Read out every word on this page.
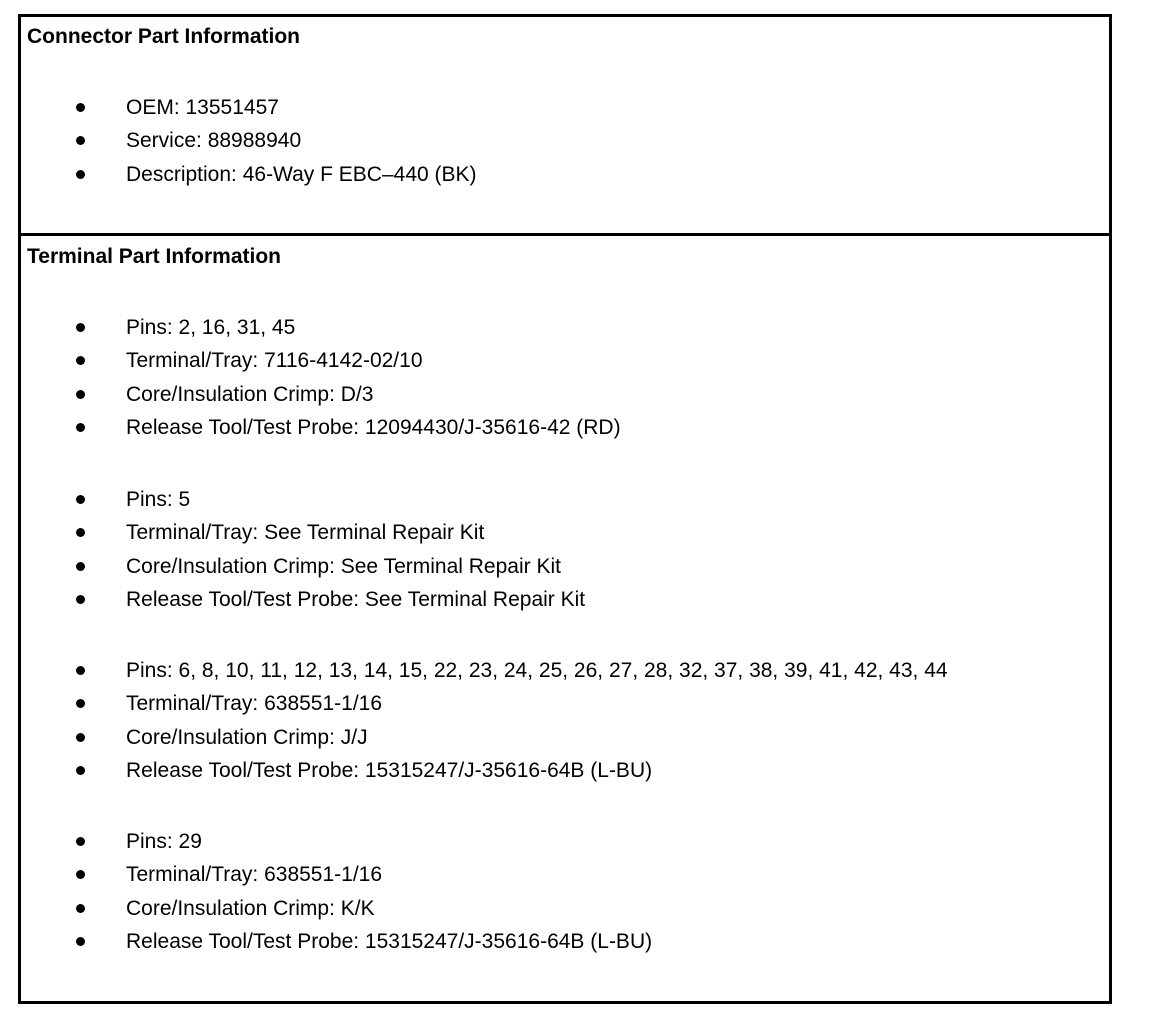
Connector Part Information
OEM: 13551457
Service: 88988940
Description: 46-Way F EBC–440 (BK)
Terminal Part Information
Pins: 2, 16, 31, 45
Terminal/Tray: 7116-4142-02/10
Core/Insulation Crimp: D/3
Release Tool/Test Probe: 12094430/J-35616-42 (RD)
Pins: 5
Terminal/Tray: See Terminal Repair Kit
Core/Insulation Crimp: See Terminal Repair Kit
Release Tool/Test Probe: See Terminal Repair Kit
Pins: 6, 8, 10, 11, 12, 13, 14, 15, 22, 23, 24, 25, 26, 27, 28, 32, 37, 38, 39, 41, 42, 43, 44
Terminal/Tray: 638551-1/16
Core/Insulation Crimp: J/J
Release Tool/Test Probe: 15315247/J-35616-64B (L-BU)
Pins: 29
Terminal/Tray: 638551-1/16
Core/Insulation Crimp: K/K
Release Tool/Test Probe: 15315247/J-35616-64B (L-BU)
